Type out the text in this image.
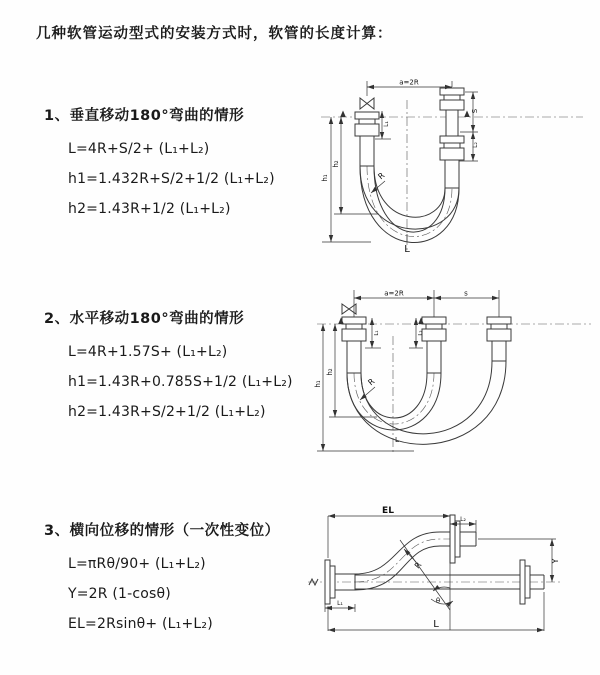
几种软管运动型式的安装方式时，软管的长度计算：
1、垂直移动180°弯曲的情形
L=4R+S/2+ (L₁+L₂)
h1=1.432R+S/2+1/2 (L₁+L₂)
h2=1.43R+1/2 (L₁+L₂)
2、水平移动180°弯曲的情形
L=4R+1.57S+ (L₁+L₂)
h1=1.43R+0.785S+1/2 (L₁+L₂)
h2=1.43R+S/2+1/2 (L₁+L₂)
3、横向位移的情形（一次性变位）
L=πRθ/90+ (L₁+L₂)
Y=2R (1-cosθ)
EL=2Rsinθ+ (L₁+L₂)
a=2R
h₁
h₂
L₁
S
L₂
R
L
a=2R	s
h₁
h₂
L₁	L₂
R
L
EL
L₂
Y
L
L₁	θ
R
